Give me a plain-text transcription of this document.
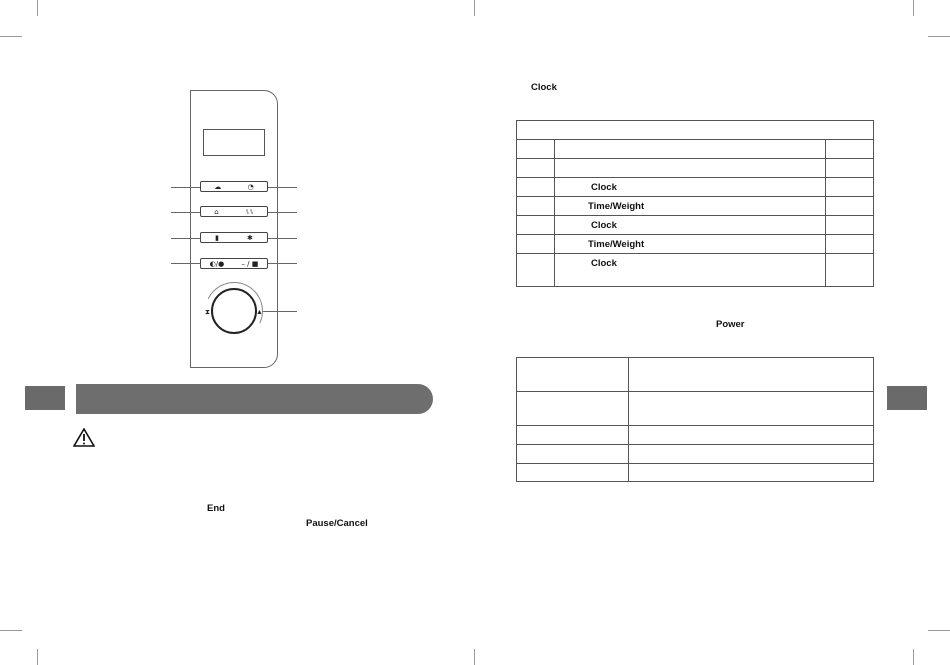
☁	◔
⌂	⑊⑊
▮	✱
◐/● – / ■
⧗	▲
End
Pause/Cancel
Clock

	Clock	
	Time/Weight	
	Clock	
	Time/Weight	
	Clock	
Power
